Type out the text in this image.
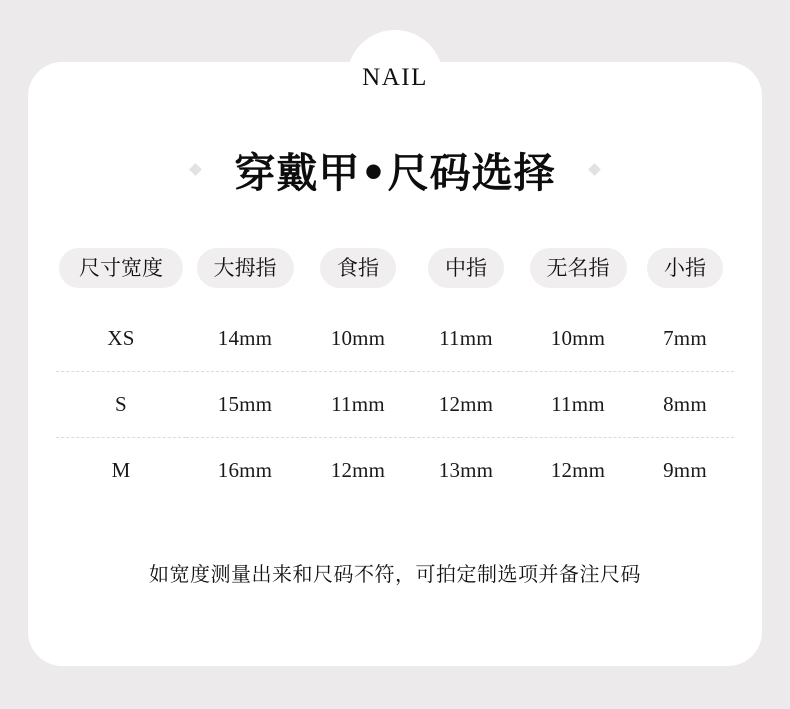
NAIL
穿戴甲•尺码选择
尺寸宽度	大拇指	食指	中指	无名指	小指
XS	14mm	10mm	11mm	10mm	7mm
S	15mm	11mm	12mm	11mm	8mm
M	16mm	12mm	13mm	12mm	9mm
如宽度测量出来和尺码不符，可拍定制选项并备注尺码
